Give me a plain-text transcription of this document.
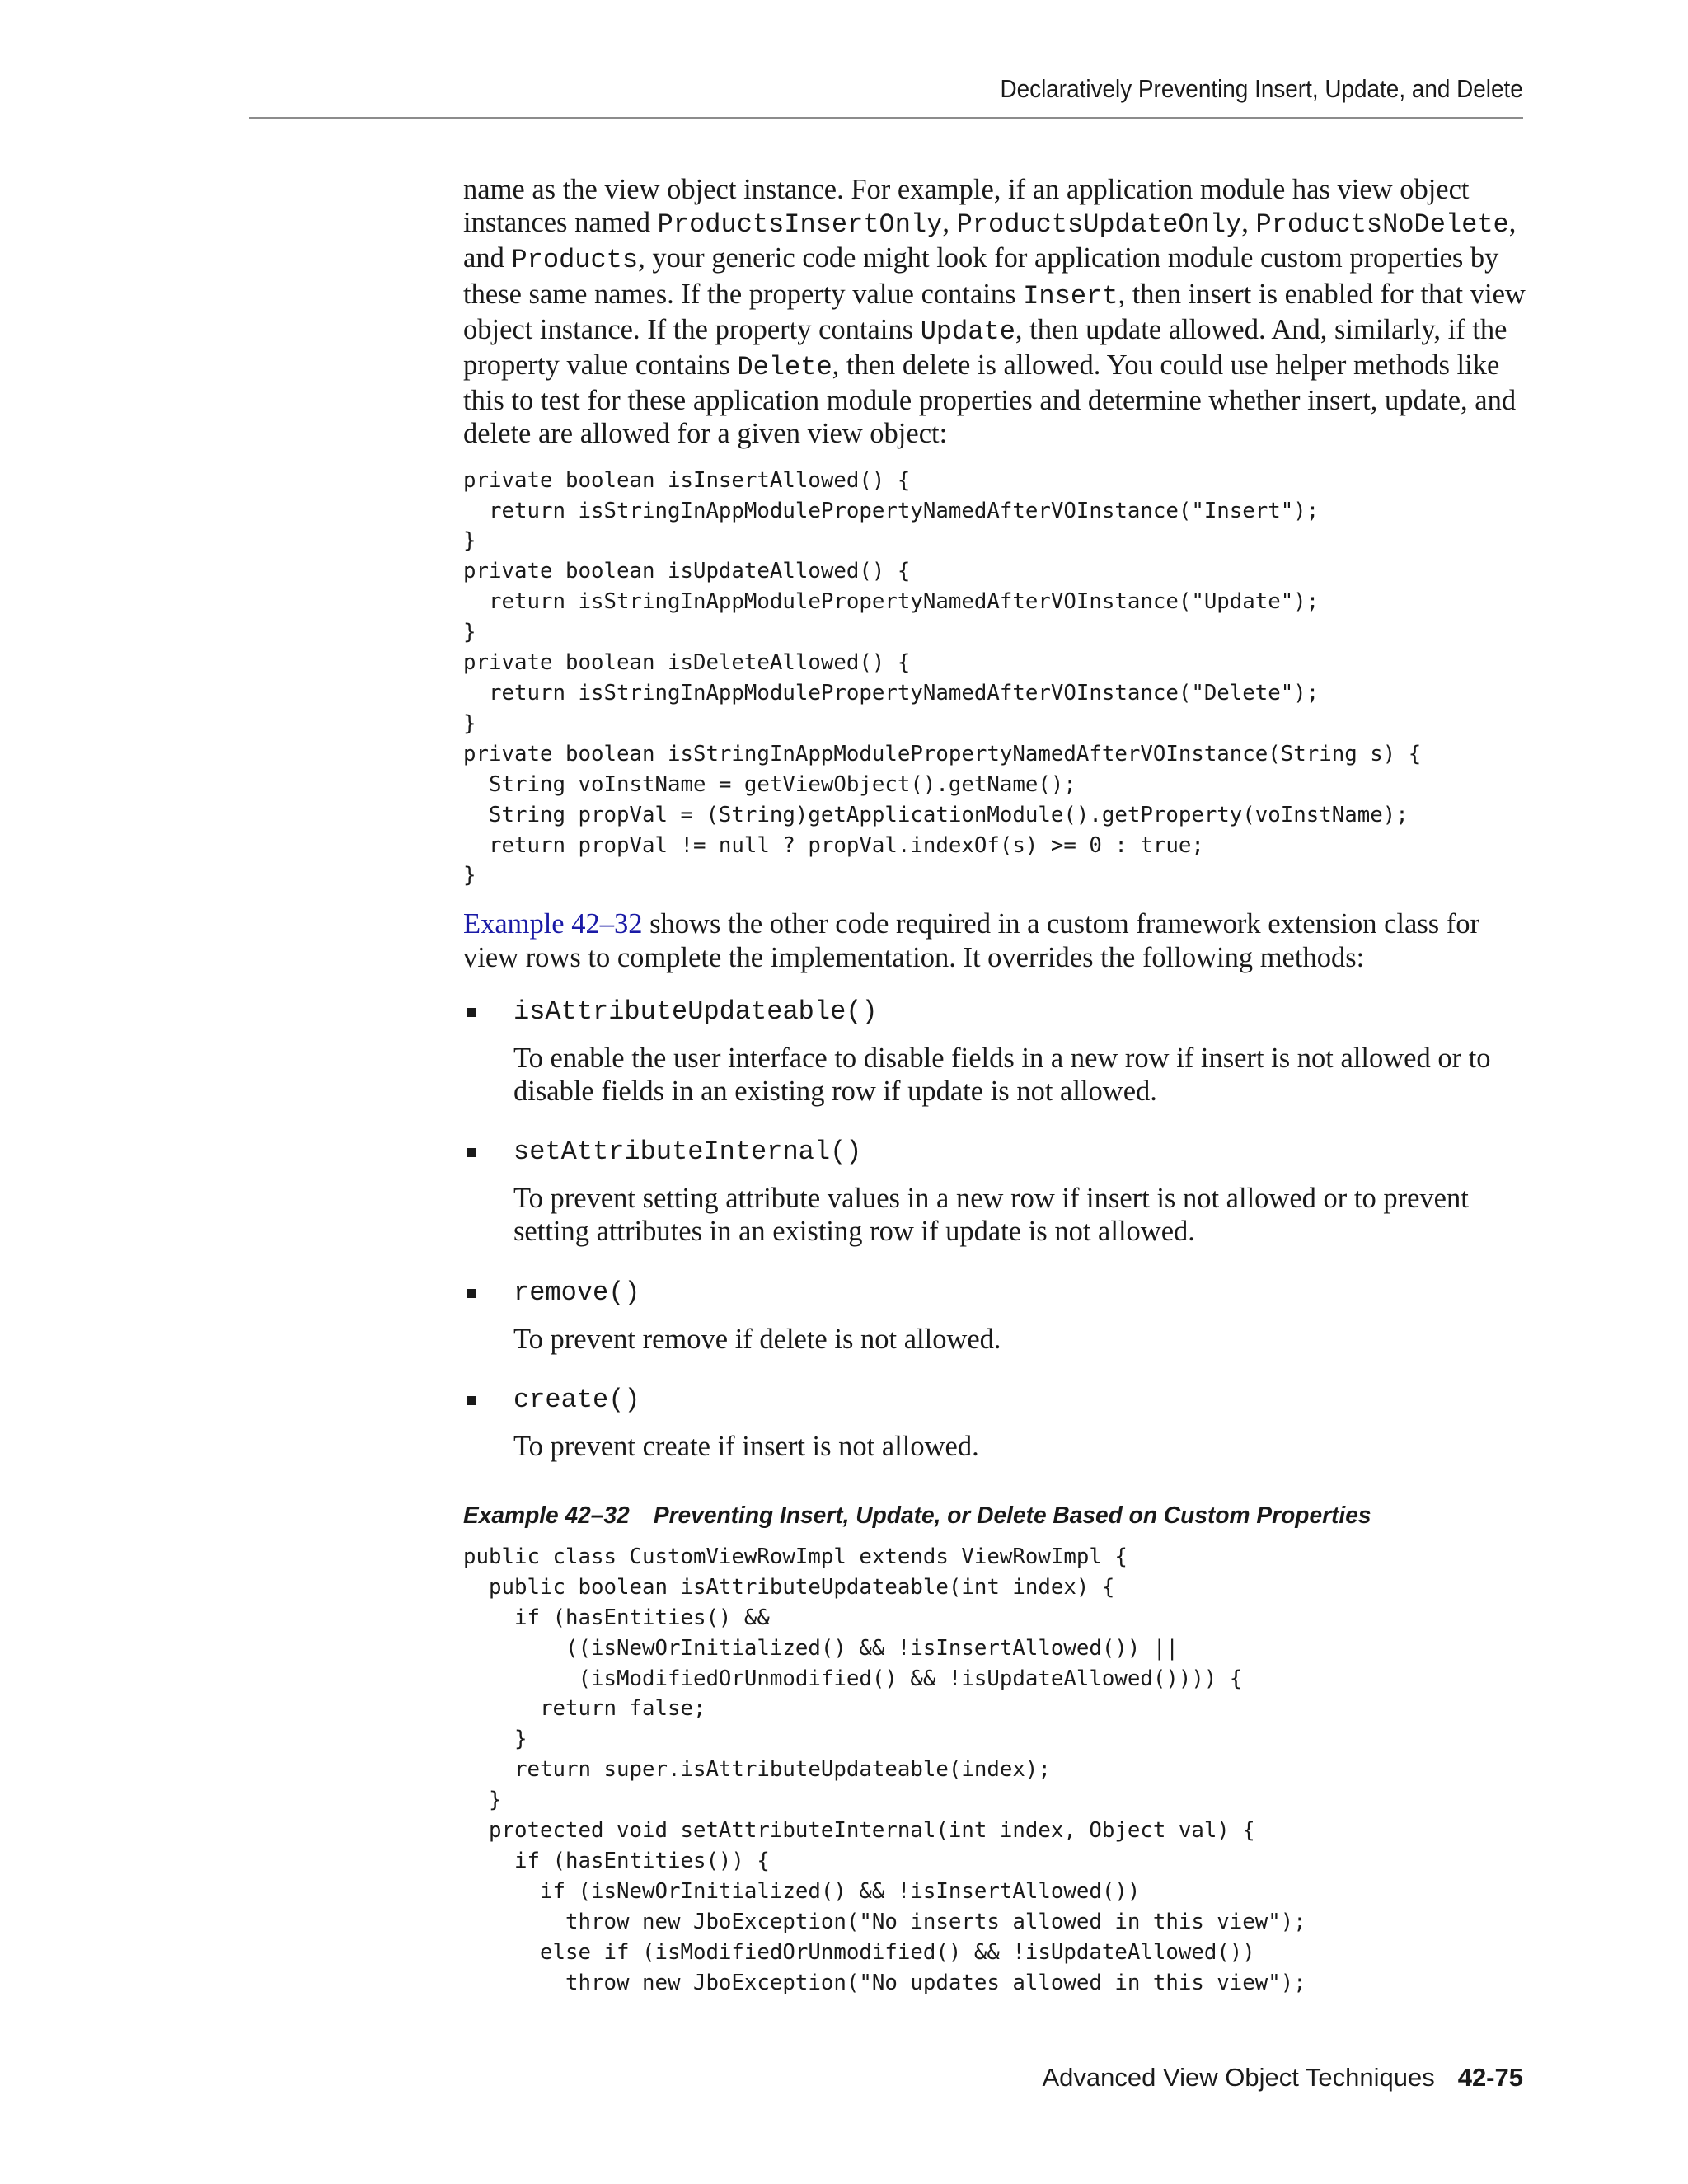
Declaratively Preventing Insert, Update, and Delete

name as the view object instance. For example, if an application module has view object instances named ProductsInsertOnly, ProductsUpdateOnly, ProductsNoDelete, and Products, your generic code might look for application module custom properties by these same names. If the property value contains Insert, then insert is enabled for that view object instance. If the property contains Update, then update allowed. And, similarly, if the property value contains Delete, then delete is allowed. You could use helper methods like this to test for these application module properties and determine whether insert, update, and delete are allowed for a given view object:

private boolean isInsertAllowed() {
return isStringInAppModulePropertyNamedAfterVOInstance("Insert");
}
private boolean isUpdateAllowed() {
return isStringInAppModulePropertyNamedAfterVOInstance("Update");
}
private boolean isDeleteAllowed() {
return isStringInAppModulePropertyNamedAfterVOInstance("Delete");
}
private boolean isStringInAppModulePropertyNamedAfterVOInstance(String s) {
String voInstName = getViewObject().getName();
String propVal = (String)getApplicationModule().getProperty(voInstName);
return propVal != null ? propVal.indexOf(s) >= 0 : true;
}

Example 42–32 shows the other code required in a custom framework extension class for view rows to complete the implementation. It overrides the following methods:

isAttributeUpdateable()

To enable the user interface to disable fields in a new row if insert is not allowed or to disable fields in an existing row if update is not allowed.

setAttributeInternal()

To prevent setting attribute values in a new row if insert is not allowed or to prevent setting attributes in an existing row if update is not allowed.

remove()

To prevent remove if delete is not allowed.

create()

To prevent create if insert is not allowed.

Example 42–32 Preventing Insert, Update, or Delete Based on Custom Properties

public class CustomViewRowImpl extends ViewRowImpl {
public boolean isAttributeUpdateable(int index) {
if (hasEntities() &&
((isNewOrInitialized() && !isInsertAllowed()) ||
(isModifiedOrUnmodified() && !isUpdateAllowed()))) {
return false;
}
return super.isAttributeUpdateable(index);
}
protected void setAttributeInternal(int index, Object val) {
if (hasEntities()) {
if (isNewOrInitialized() && !isInsertAllowed())
throw new JboException("No inserts allowed in this view");
else if (isModifiedOrUnmodified() && !isUpdateAllowed())
throw new JboException("No updates allowed in this view");
Advanced View Object Techniques 42-75
